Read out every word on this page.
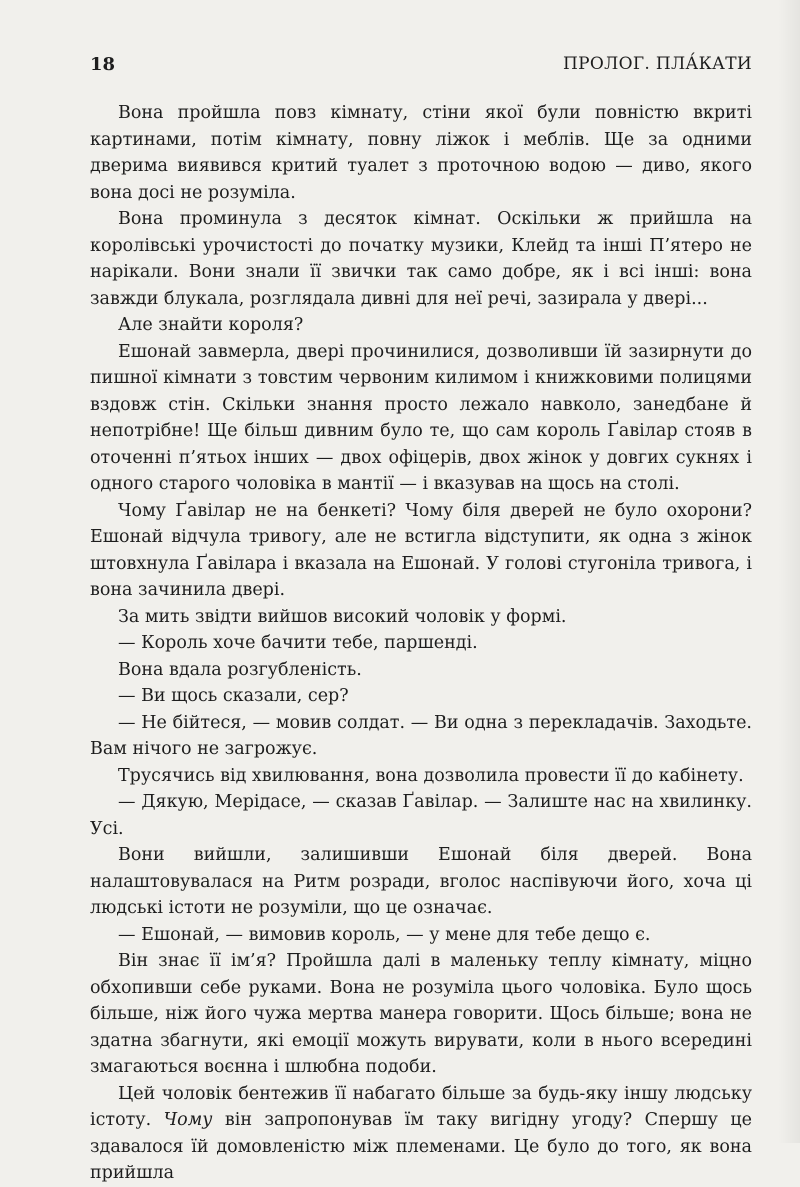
18	ПРОЛОГ. ПЛА́КАТИ

Вона пройшла повз кімнату, стіни якої були повністю вкриті картинами, потім кімнату, повну ліжок і меблів. Ще за одними дверима виявився критий туалет з проточною водою — диво, якого вона досі не розуміла.

Вона проминула з десяток кімнат. Оскільки ж прийшла на королівські урочистості до початку музики, Клейд та інші П’ятеро не нарікали. Вони знали її звички так само добре, як і всі інші: вона завжди блукала, розглядала дивні для неї речі, зазирала у двері...

Але знайти короля?

Ешонай завмерла, двері прочинилися, дозволивши їй зазирнути до пишної кімнати з товстим червоним килимом і книжковими полицями вздовж стін. Скільки знання просто лежало навколо, занедбане й непотрібне! Ще більш дивним було те, що сам король Ґавілар стояв в оточенні п’ятьох інших — двох офіцерів, двох жінок у довгих сукнях і одного старого чоловіка в мантії — і вказував на щось на столі.

Чому Ґавілар не на бенкеті? Чому біля дверей не було охорони? Ешонай відчула тривогу, але не встигла відступити, як одна з жінок штовхнула Ґавілара і вказала на Ешонай. У голові стугоніла тривога, і вона зачинила двері.

За мить звідти вийшов високий чоловік у формі.

— Король хоче бачити тебе, паршенді.

Вона вдала розгубленість.

— Ви щось сказали, сер?

— Не бійтеся, — мовив солдат. — Ви одна з перекладачів. Заходьте. Вам нічого не загрожує.

Трусячись від хвилювання, вона дозволила провести її до кабінету.

— Дякую, Мерідасе, — сказав Ґавілар. — Залиште нас на хвилинку. Усі.

Вони вийшли, залишивши Ешонай біля дверей. Вона налаштовувалася на Ритм розради, вголос наспівуючи його, хоча ці людські істоти не розуміли, що це означає.

— Ешонай, — вимовив король, — у мене для тебе дещо є.

Він знає її ім’я? Пройшла далі в маленьку теплу кімнату, міцно обхопивши себе руками. Вона не розуміла цього чоловіка. Було щось більше, ніж його чужа мертва манера говорити. Щось більше; вона не здатна збагнути, які емоції можуть вирувати, коли в нього всередині змагаються воєнна і шлюбна подоби.

Цей чоловік бентежив її набагато більше за будь-яку іншу людську істоту. Чому він запропонував їм таку вигідну угоду? Спершу це здавалося їй домовленістю між племенами. Це було до того, як вона прийшла
